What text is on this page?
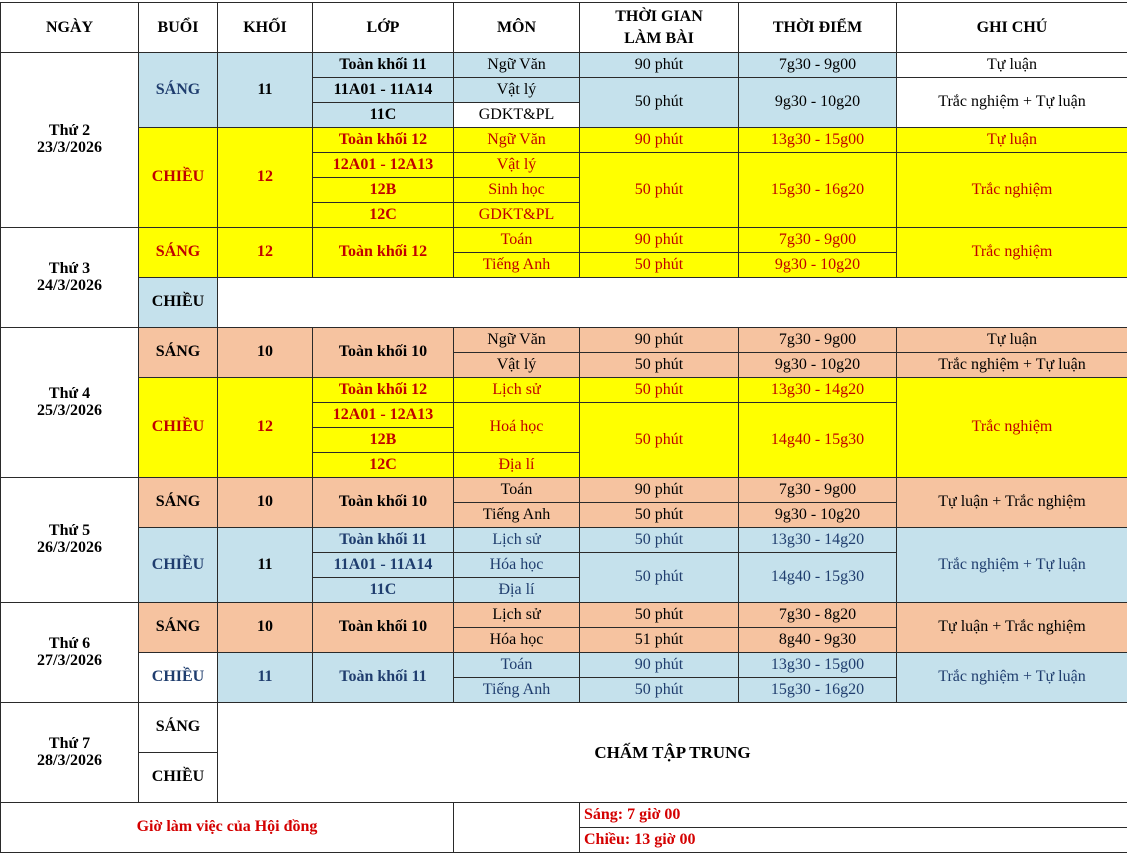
NGÀY	BUỔI	KHỐI	LỚP	MÔN	THỜI GIAN
LÀM BÀI	THỜI ĐIỂM	GHI CHÚ
Thứ 2
23/3/2026	SÁNG	11	Toàn khối 11	Ngữ Văn	90 phút	7g30 - 9g00	Tự luận
			11A01 - 11A14	Vật lý	50 phút	9g30 - 10g20	Trắc nghiệm + Tự luận
			11C	GDKT&PL			
	CHIỀU	12	Toàn khối 12	Ngữ Văn	90 phút	13g30 - 15g00	Tự luận
			12A01 - 12A13	Vật lý	50 phút	15g30 - 16g20	Trắc nghiệm
			12B	Sinh học			
			12C	GDKT&PL			
Thứ 3
24/3/2026	SÁNG	12	Toàn khối 12	Toán	90 phút	7g30 - 9g00	Trắc nghiệm
				Tiếng Anh	50 phút	9g30 - 10g20	
	CHIỀU						

Thứ 4
25/3/2026	SÁNG	10	Toàn khối 10	Ngữ Văn	90 phút	7g30 - 9g00	Tự luận
				Vật lý	50 phút	9g30 - 10g20	Trắc nghiệm + Tự luận
	CHIỀU	12	Toàn khối 12	Lịch sử	50 phút	13g30 - 14g20	Trắc nghiệm
			12A01 - 12A13	Hoá học	50 phút	14g40 - 15g30	
			12B				
			12C	Địa lí			
Thứ 5
26/3/2026	SÁNG	10	Toàn khối 10	Toán	90 phút	7g30 - 9g00	Tự luận + Trắc nghiệm
				Tiếng Anh	50 phút	9g30 - 10g20	
	CHIỀU	11	Toàn khối 11	Lịch sử	50 phút	13g30 - 14g20	Trắc nghiệm + Tự luận
			11A01 - 11A14	Hóa học	50 phút	14g40 - 15g30	
			11C	Địa lí			
Thứ 6
27/3/2026	SÁNG	10	Toàn khối 10	Lịch sử	50 phút	7g30 - 8g20	Tự luận + Trắc nghiệm
				Hóa học	51 phút	8g40 - 9g30	
	CHIỀU	11	Toàn khối 11	Toán	90 phút	13g30 - 15g00	Trắc nghiệm + Tự luận
				Tiếng Anh	50 phút	15g30 - 16g20	
Thứ 7
28/3/2026	SÁNG	CHẤM TẬP TRUNG					

	CHIỀU						

Giờ làm việc của Hội đồng					Sáng: 7 giờ 00		
					Chiều: 13 giờ 00		
